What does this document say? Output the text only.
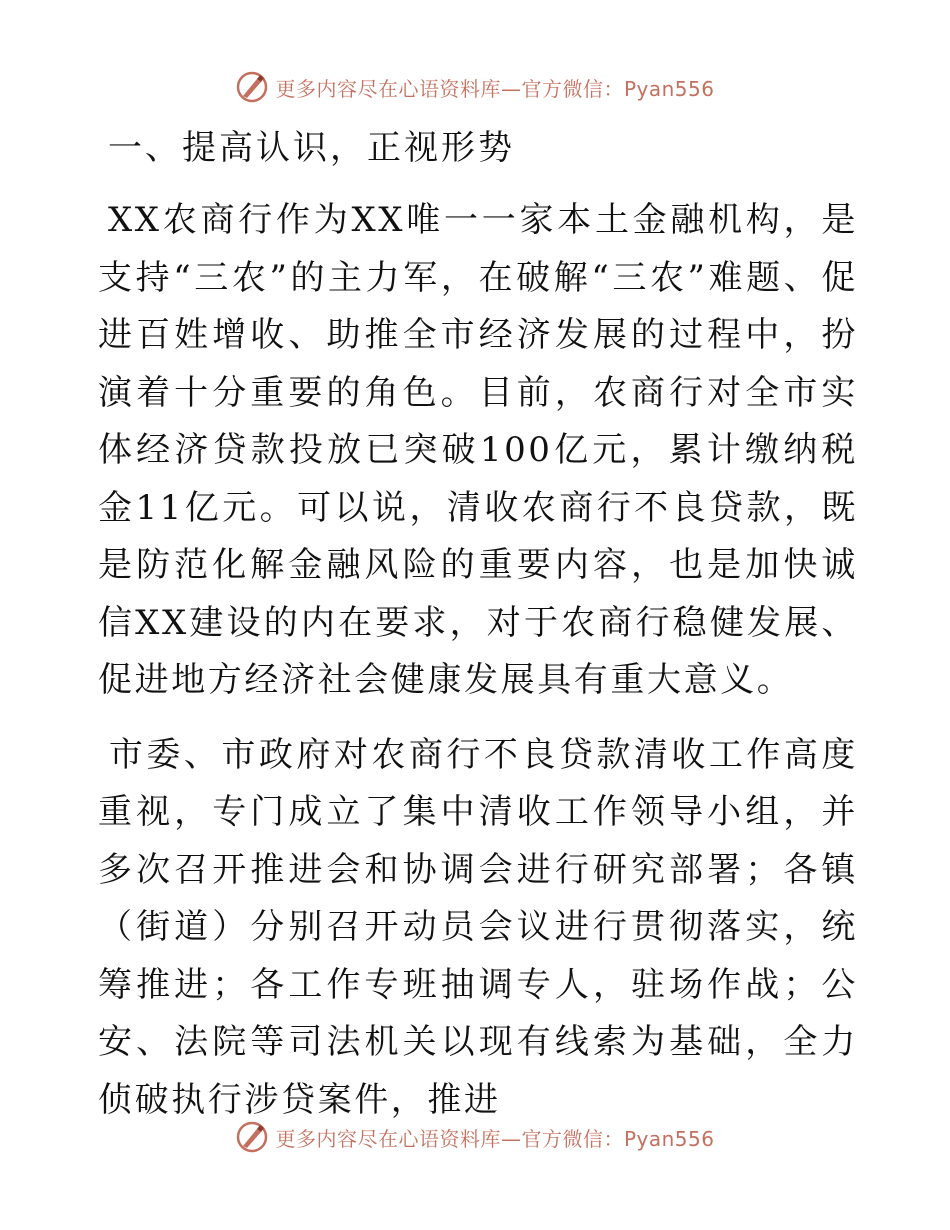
更多内容尽在心语资料库—官方微信：Pyan556
一、提高认识，正视形势

XX农商行作为XX唯一一家本土金融机构，是支持“三农”的主力军，在破解“三农”难题、促进百姓增收、助推全市经济发展的过程中，扮演着十分重要的角色。目前，农商行对全市实体经济贷款投放已突破100亿元，累计缴纳税金11亿元。可以说，清收农商行不良贷款，既是防范化解金融风险的重要内容，也是加快诚信XX建设的内在要求，对于农商行稳健发展、促进地方经济社会健康发展具有重大意义。

市委、市政府对农商行不良贷款清收工作高度重视，专门成立了集中清收工作领导小组，并多次召开推进会和协调会进行研究部署；各镇（街道）分别召开动员会议进行贯彻落实，统筹推进；各工作专班抽调专人，驻场作战；公安、法院等司法机关以现有线索为基础，全力侦破执行涉贷案件，推进

更多内容尽在心语资料库—官方微信：Pyan556
